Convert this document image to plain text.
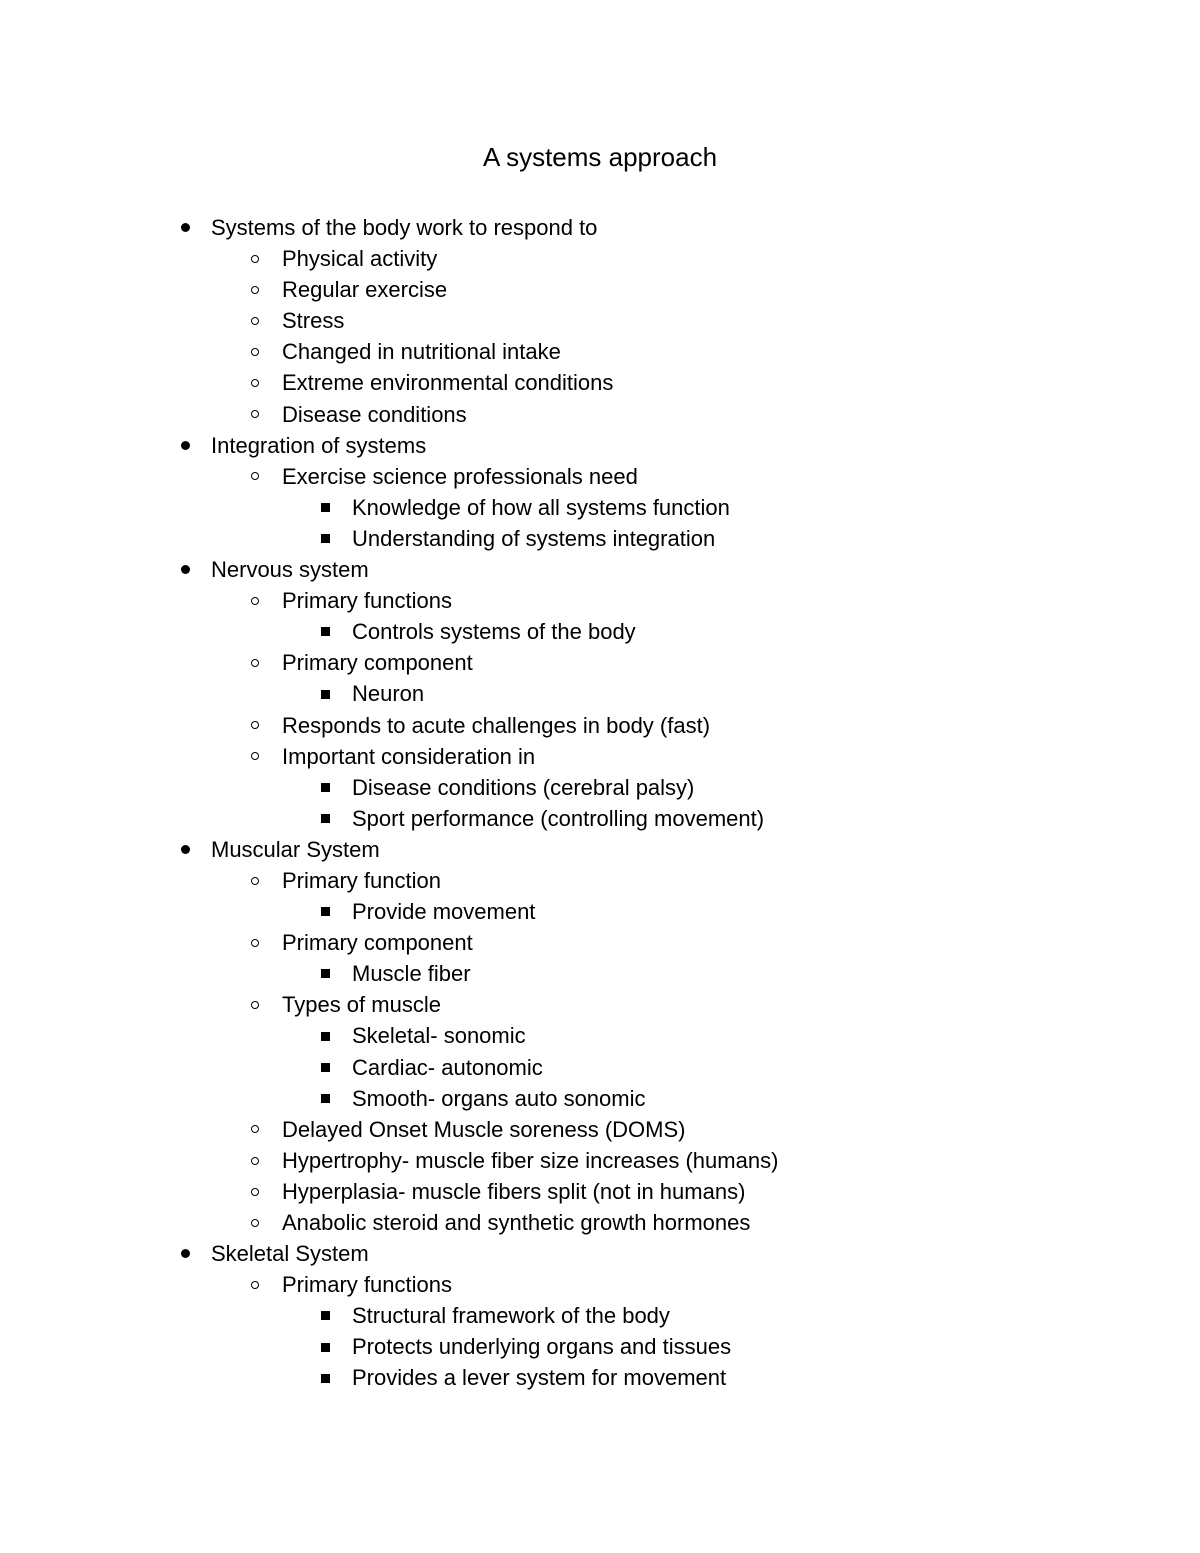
A systems approach
Systems of the body work to respond to
Physical activity
Regular exercise
Stress
Changed in nutritional intake
Extreme environmental conditions
Disease conditions
Integration of systems
Exercise science professionals need
Knowledge of how all systems function
Understanding of systems integration
Nervous system
Primary functions
Controls systems of the body
Primary component
Neuron
Responds to acute challenges in body (fast)
Important consideration in
Disease conditions (cerebral palsy)
Sport performance (controlling movement)
Muscular System
Primary function
Provide movement
Primary component
Muscle fiber
Types of muscle
Skeletal- sonomic
Cardiac- autonomic
Smooth- organs auto sonomic
Delayed Onset Muscle soreness (DOMS)
Hypertrophy- muscle fiber size increases (humans)
Hyperplasia- muscle fibers split (not in humans)
Anabolic steroid and synthetic growth hormones
Skeletal System
Primary functions
Structural framework of the body
Protects underlying organs and tissues
Provides a lever system for movement
